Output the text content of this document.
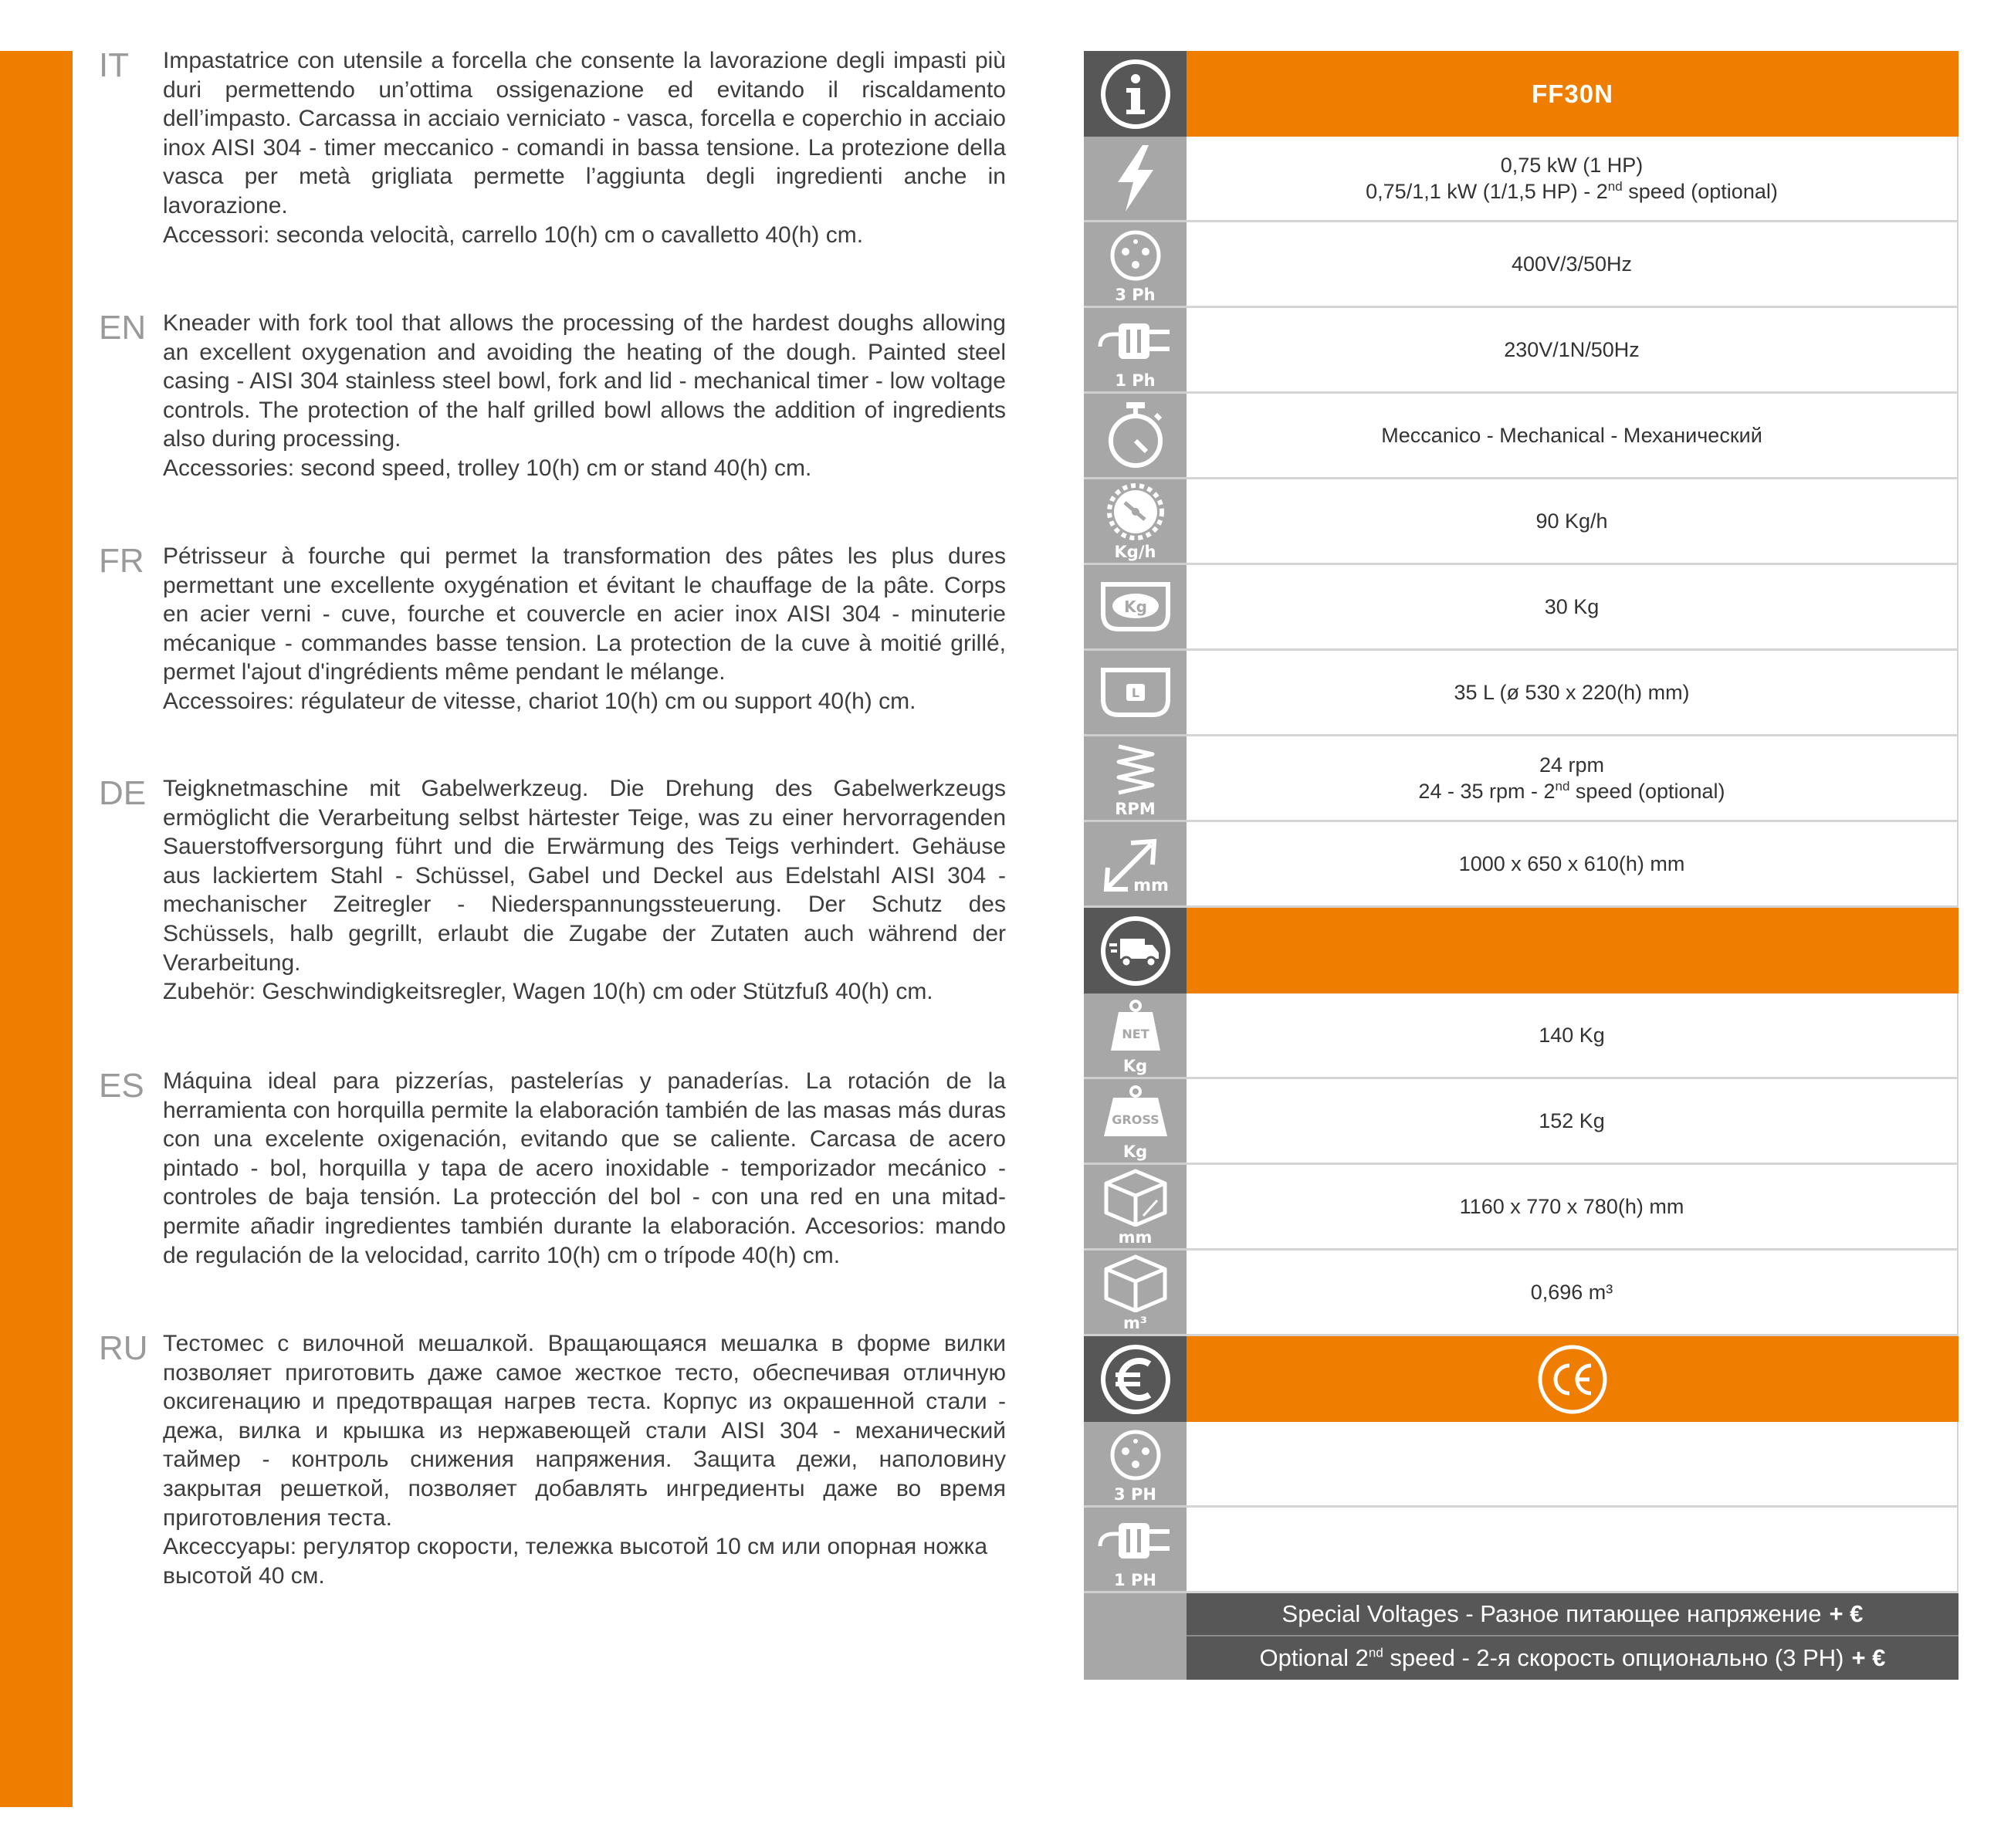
IT Impastatrice con utensile a forcella che consente la lavorazione degli impasti più duri permettendo un’ottima ossigenazione ed evitando il riscaldamento dell’impasto. Carcassa in acciaio verniciato - vasca, forcella e coperchio in acciaio inox AISI 304 - timer meccanico - comandi in bassa tensione. La protezione della vasca per metà grigliata permette l’aggiunta degli ingredienti anche in lavorazione.

Accessori: seconda velocità, carrello 10(h) cm o cavalletto 40(h) cm.

EN Kneader with fork tool that allows the processing of the hardest doughs allowing an excellent oxygenation and avoiding the heating of the dough. Painted steel casing - AISI 304 stainless steel bowl, fork and lid - mechanical timer - low voltage controls. The protection of the half grilled bowl allows the addition of ingredients also during processing.

Accessories: second speed, trolley 10(h) cm or stand 40(h) cm.

FR Pétrisseur à fourche qui permet la transformation des pâtes les plus dures permettant une excellente oxygénation et évitant le chauffage de la pâte. Corps en acier verni - cuve, fourche et couvercle en acier inox AISI 304 - minuterie mécanique - commandes basse tension. La protection de la cuve à moitié grillé, permet l'ajout d'ingrédients même pendant le mélange.

Accessoires: régulateur de vitesse, chariot 10(h) cm ou support 40(h) cm.

DE Teigknetmaschine mit Gabelwerkzeug. Die Drehung des Gabelwerkzeugs ermöglicht die Verarbeitung selbst härtester Teige, was zu einer hervorragenden Sauerstoffversorgung führt und die Erwärmung des Teigs verhindert. Gehäuse aus lackiertem Stahl - Schüssel, Gabel und Deckel aus Edelstahl AISI 304 - mechanischer Zeitregler - Niederspannungssteuerung. Der Schutz des Schüssels, halb gegrillt, erlaubt die Zugabe der Zutaten auch während der Verarbeitung.

Zubehör: Geschwindigkeitsregler, Wagen 10(h) cm oder Stützfuß 40(h) cm.

ES Máquina ideal para pizzerías, pastelerías y panaderías. La rotación de la herramienta con horquilla permite la elaboración también de las masas más duras con una excelente oxigenación, evitando que se caliente. Carcasa de acero pintado - bol, horquilla y tapa de acero inoxidable - temporizador mecánico - controles de baja tensión. La protección del bol - con una red en una mitad- permite añadir ingredientes también durante la elaboración. Accesorios: mando de regulación de la velocidad, carrito 10(h) cm o trípode 40(h) cm.

RU Тестомес с вилочной мешалкой. Вращающаяся мешалка в форме вилки позволяет приготовить даже самое жесткое тесто, обеспечивая отличную оксигенацию и предотвращая нагрев теста. Корпус из окрашенной стали - дежа, вилка и крышка из нержавеющей стали AISI 304 - механический таймер - контроль снижения напряжения. Защита дежи, наполовину закрытая решеткой, позволяет добавлять ингредиенты даже во время приготовления теста.

Аксессуары: регулятор скорости, тележка высотой 10 см или опорная ножка высотой 40 см.

FF30N
0,75 kW (1 HP)
0,75/1,1 kW (1/1,5 HP) - 2nd speed (optional)
3 Ph
400V/3/50Hz
1 Ph
230V/1N/50Hz
Meccanico - Mechanical - Механический
Kg/h
90 Kg/h
Kg	30 Kg
L	35 L (ø 530 x 220(h) mm)
RPM
24 rpm
24 - 35 rpm - 2nd speed (optional)
mm
1000 x 650 x 610(h) mm
NET
Kg
140 Kg
GROSS
Kg
152 Kg
mm
1160 x 770 x 780(h) mm
m³
0,696 m³
3 PH
1 PH
Special Voltages - Разное питающее напряжение + €
Optional 2nd speed - 2-я скорость опционально (3 PH) + €
